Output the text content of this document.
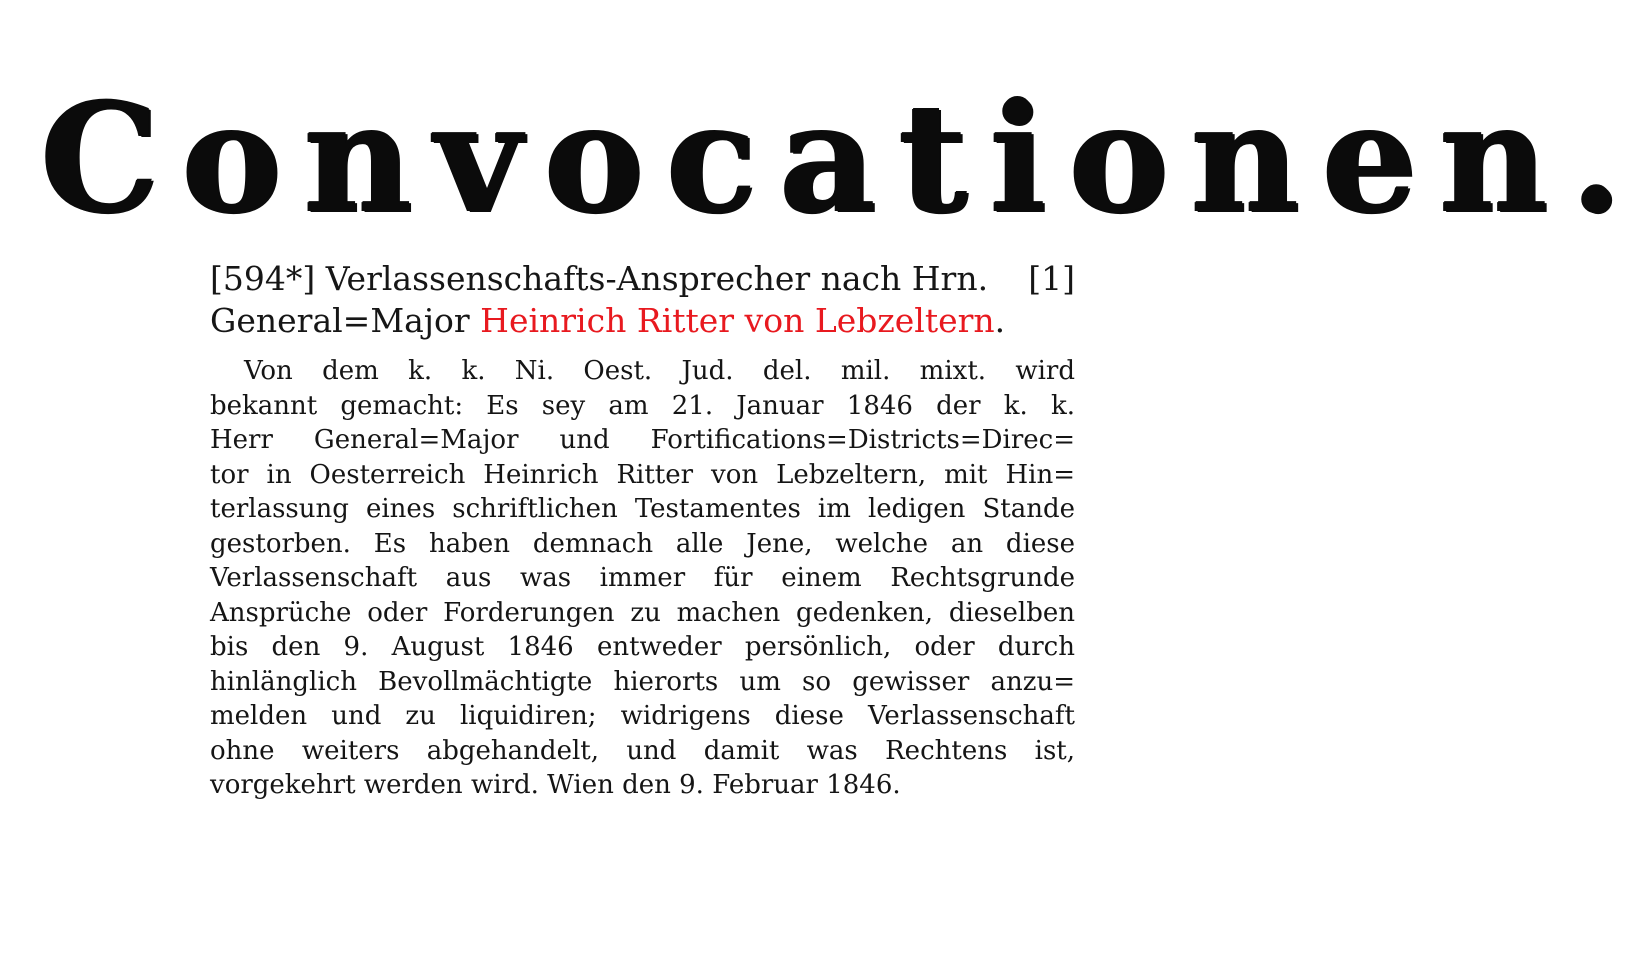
Convocationen.
[594*] Verlassenschafts-Ansprecher nach Hrn. [1]
General=Major Heinrich Ritter von Lebzeltern.
Von dem k. k. Ni. Oest. Jud. del. mil. mixt. wird
bekannt gemacht: Es sey am 21. Januar 1846 der k. k.
Herr General=Major und Fortifications=Districts=Direc=
tor in Oesterreich Heinrich Ritter von Lebzeltern, mit Hin=
terlassung eines schriftlichen Testamentes im ledigen Stande
gestorben. Es haben demnach alle Jene, welche an diese
Verlassenschaft aus was immer für einem Rechtsgrunde
Ansprüche oder Forderungen zu machen gedenken, dieselben
bis den 9. August 1846 entweder persönlich, oder durch
hinlänglich Bevollmächtigte hierorts um so gewisser anzu=
melden und zu liquidiren; widrigens diese Verlassenschaft
ohne weiters abgehandelt, und damit was Rechtens ist,
vorgekehrt werden wird. Wien den 9. Februar 1846.
